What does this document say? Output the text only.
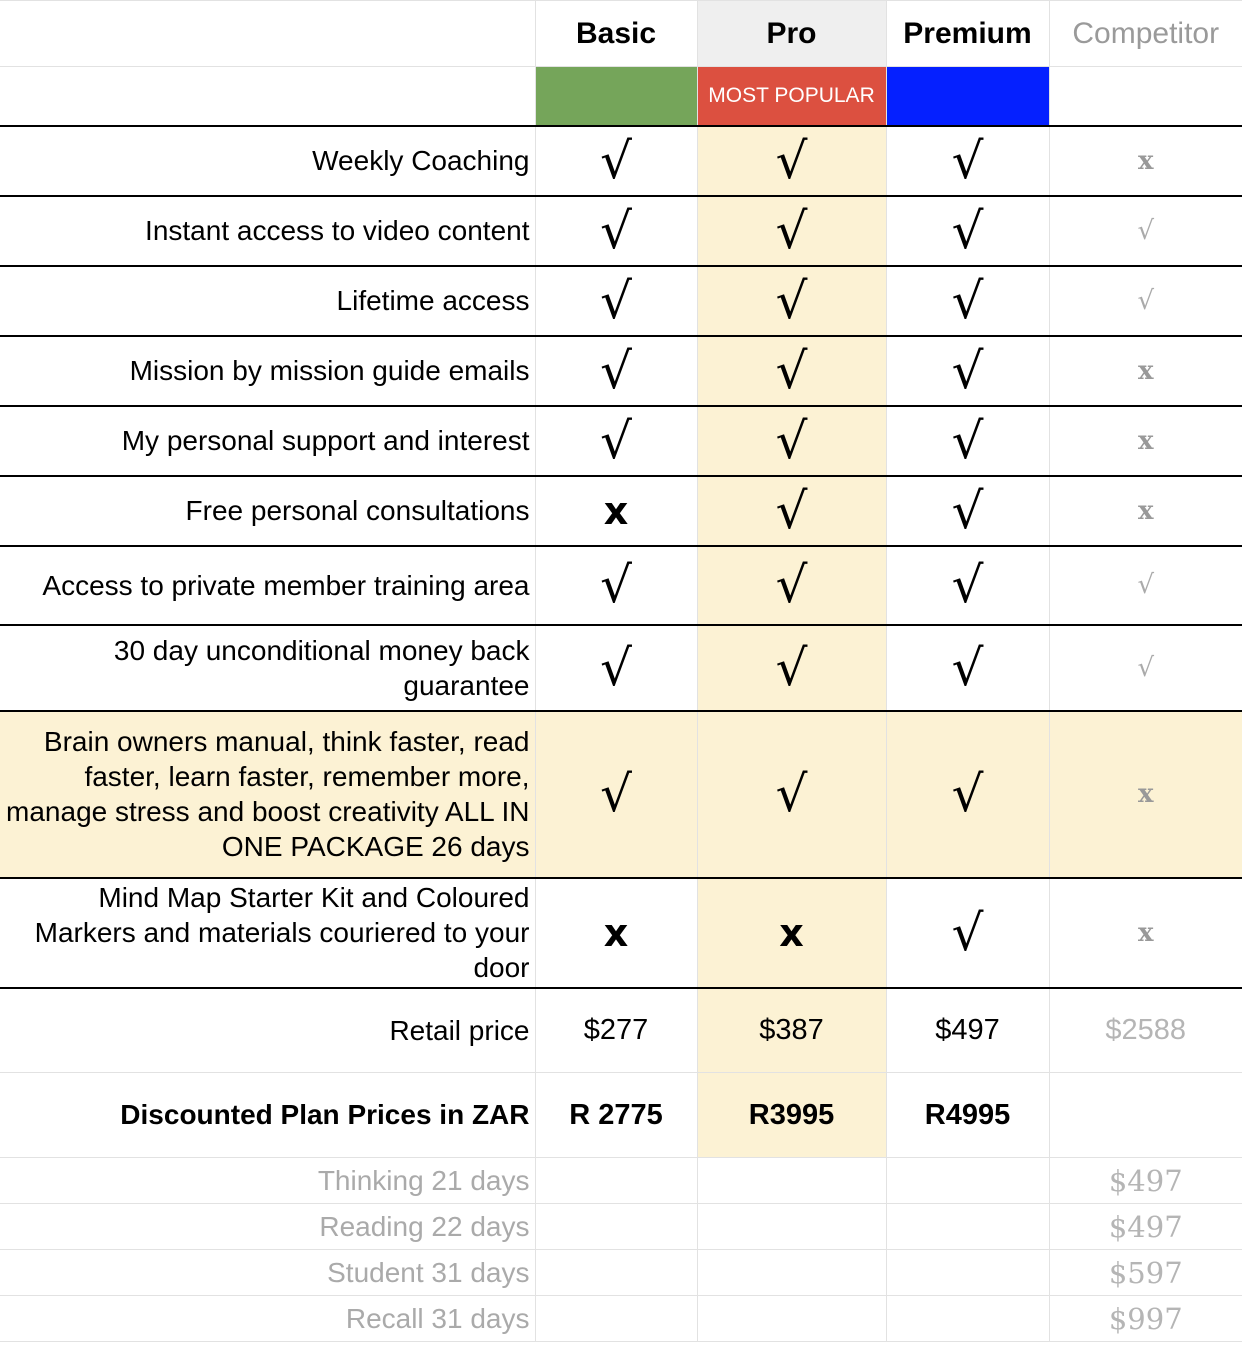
	Basic	Pro	Premium	Competitor
		MOST POPULAR		
Weekly Coaching	√	√	√	x
Instant access to video content	√	√	√	√
Lifetime access	√	√	√	√
Mission by mission guide emails	√	√	√	x
My personal support and interest	√	√	√	x
Free personal consultations	x	√	√	x
Access to private member training area	√	√	√	√
30 day unconditional money back guarantee	√	√	√	√
Brain owners manual, think faster, read faster, learn faster, remember more, manage stress and boost creativity ALL IN ONE PACKAGE 26 days	√	√	√	x
Mind Map Starter Kit and Coloured Markers and materials couriered to your door	x	x	√	x
Retail price	$277	$387	$497	$2588
Discounted Plan Prices in ZAR	R 2775	R3995	R4995	
Thinking 21 days				$497
Reading 22 days				$497
Student 31 days				$597
Recall 31 days				$997
